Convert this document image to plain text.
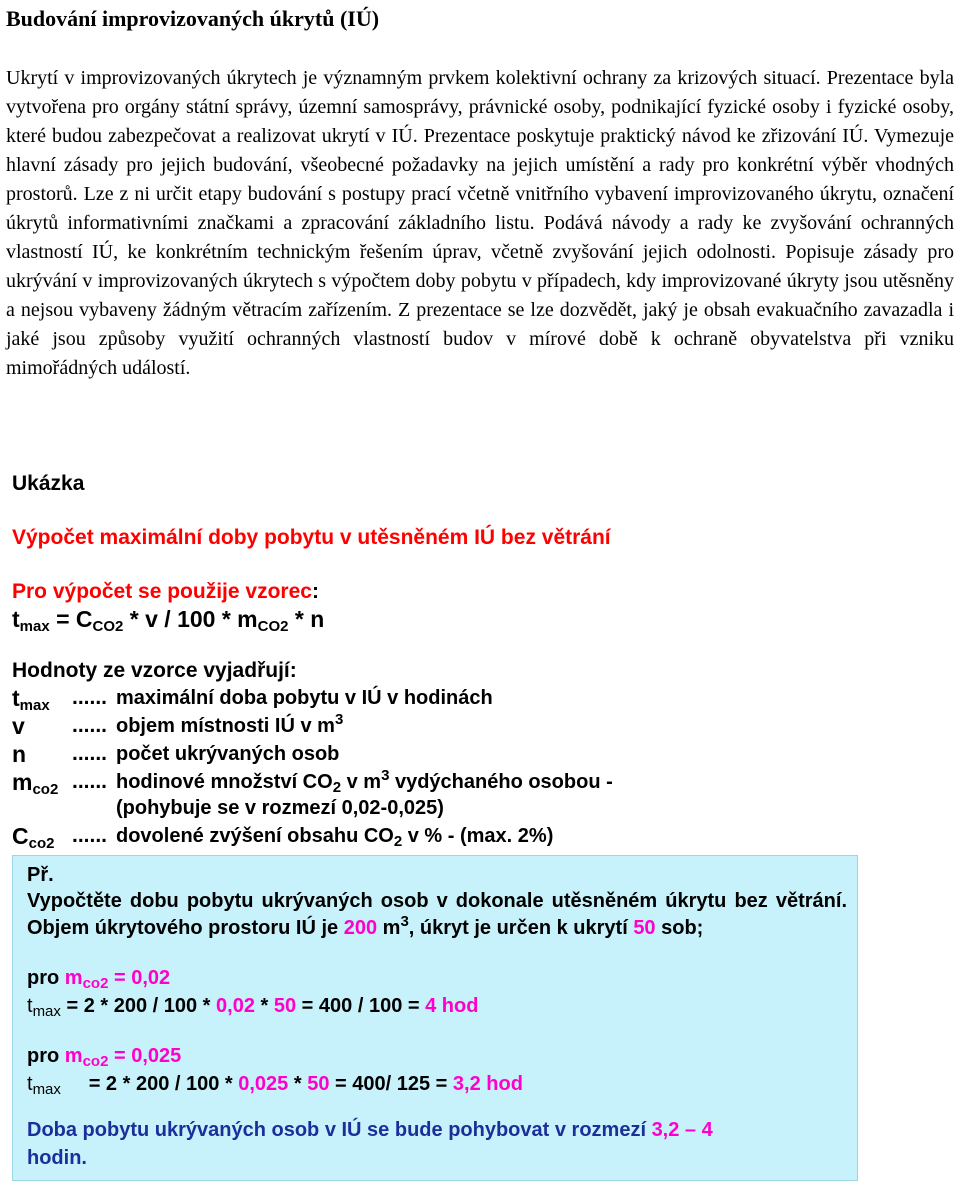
Budování improvizovaných úkrytů (IÚ)
Ukrytí v improvizovaných úkrytech je významným prvkem kolektivní ochrany za krizových situací. Prezentace byla vytvořena pro orgány státní správy, územní samosprávy, právnické osoby, podnikající fyzické osoby i fyzické osoby, které budou zabezpečovat a realizovat ukrytí v IÚ. Prezentace poskytuje praktický návod ke zřizování IÚ. Vymezuje hlavní zásady pro jejich budování, všeobecné požadavky na jejich umístění a rady pro konkrétní výběr vhodných prostorů. Lze z ni určit etapy budování s postupy prací včetně vnitřního vybavení improvizovaného úkrytu, označení úkrytů informativními značkami a zpracování základního listu. Podává návody a rady ke zvyšování ochranných vlastností IÚ, ke konkrétním technickým řešením úprav, včetně zvyšování jejich odolnosti. Popisuje zásady pro ukrývání v improvizovaných úkrytech s výpočtem doby pobytu v případech, kdy improvizované úkryty jsou utěsněny a nejsou vybaveny žádným větracím zařízením. Z prezentace se lze dozvědět, jaký je obsah evakuačního zavazadla i jaké jsou způsoby využití ochranných vlastností budov v mírové době k ochraně obyvatelstva při vzniku mimořádných událostí.
Ukázka
Výpočet maximální doby pobytu v utěsněném IÚ bez větrání
Pro výpočet se použije vzorec:
$t_{max} = C_{CO2} * v / 100 * m_{CO2} * n$
Hodnoty ze vzorce vyjadřují:
$t_{max}$	...... maximální doba pobytu v IÚ v hodinách
v	...... objem místnosti IÚ v $m^3$
n	...... počet ukrývaných osob
$m_{co2}$ ...... hodinové množství $CO_2$ v $m^3$ vydýchaného osobou -
(pohybuje se v rozmezí 0,02-0,025)
$C_{co2}$ ...... dovolené zvýšení obsahu $CO_2$ v % - (max. 2%)
Př.
Vypočtěte dobu pobytu ukrývaných osob v dokonale utěsněném úkrytu bez větrání. Objem úkrytového prostoru IÚ je 200 $m^3$, úkryt je určen k ukrytí 50 sob;
pro $m_{co2} = 0,02$
$t_{max} = 2 * 200 / 100 * 0,02 * 50 = 400 / 100 = 4$ hod
pro $m_{co2} = 0,025$
$t_{max}$     = 2 * 200 / 100 * 0,025 * 50 = 400/ 125 = 3,2 hod
Doba pobytu ukrývaných osob v IÚ se bude pohybovat v rozmezí 3,2 – 4
hodin.
